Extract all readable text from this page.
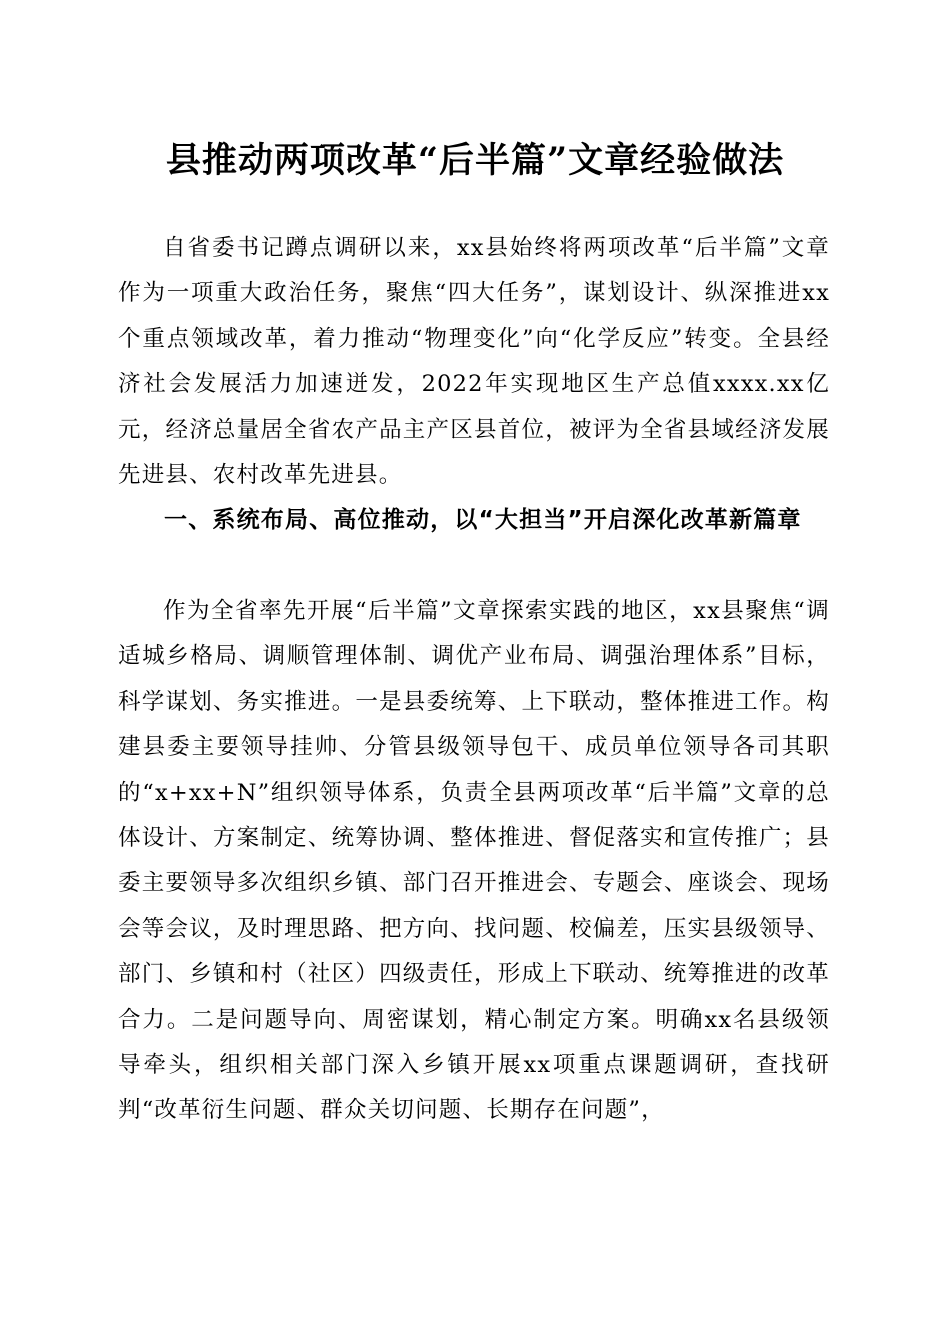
县推动两项改革“后半篇”文章经验做法

自省委书记蹲点调研以来，xx县始终将两项改革“后半篇”文章作为一项重大政治任务，聚焦“四大任务”，谋划设计、纵深推进xx个重点领域改革，着力推动“物理变化”向“化学反应”转变。全县经济社会发展活力加速迸发，2022年实现地区生产总值xxxx.xx亿元，经济总量居全省农产品主产区县首位，被评为全省县域经济发展先进县、农村改革先进县。

一、系统布局、高位推动，以“大担当”开启深化改革新篇章

作为全省率先开展“后半篇”文章探索实践的地区，xx县聚焦“调适城乡格局、调顺管理体制、调优产业布局、调强治理体系”目标，科学谋划、务实推进。一是县委统筹、上下联动，整体推进工作。构建县委主要领导挂帅、分管县级领导包干、成员单位领导各司其职的“x+xx+N”组织领导体系，负责全县两项改革“后半篇”文章的总体设计、方案制定、统筹协调、整体推进、督促落实和宣传推广；县委主要领导多次组织乡镇、部门召开推进会、专题会、座谈会、现场会等会议，及时理思路、把方向、找问题、校偏差，压实县级领导、部门、乡镇和村（社区）四级责任，形成上下联动、统筹推进的改革合力。二是问题导向、周密谋划，精心制定方案。明确xx名县级领导牵头，组织相关部门深入乡镇开展xx项重点课题调研，查找研判“改革衍生问题、群众关切问题、长期存在问题”，
